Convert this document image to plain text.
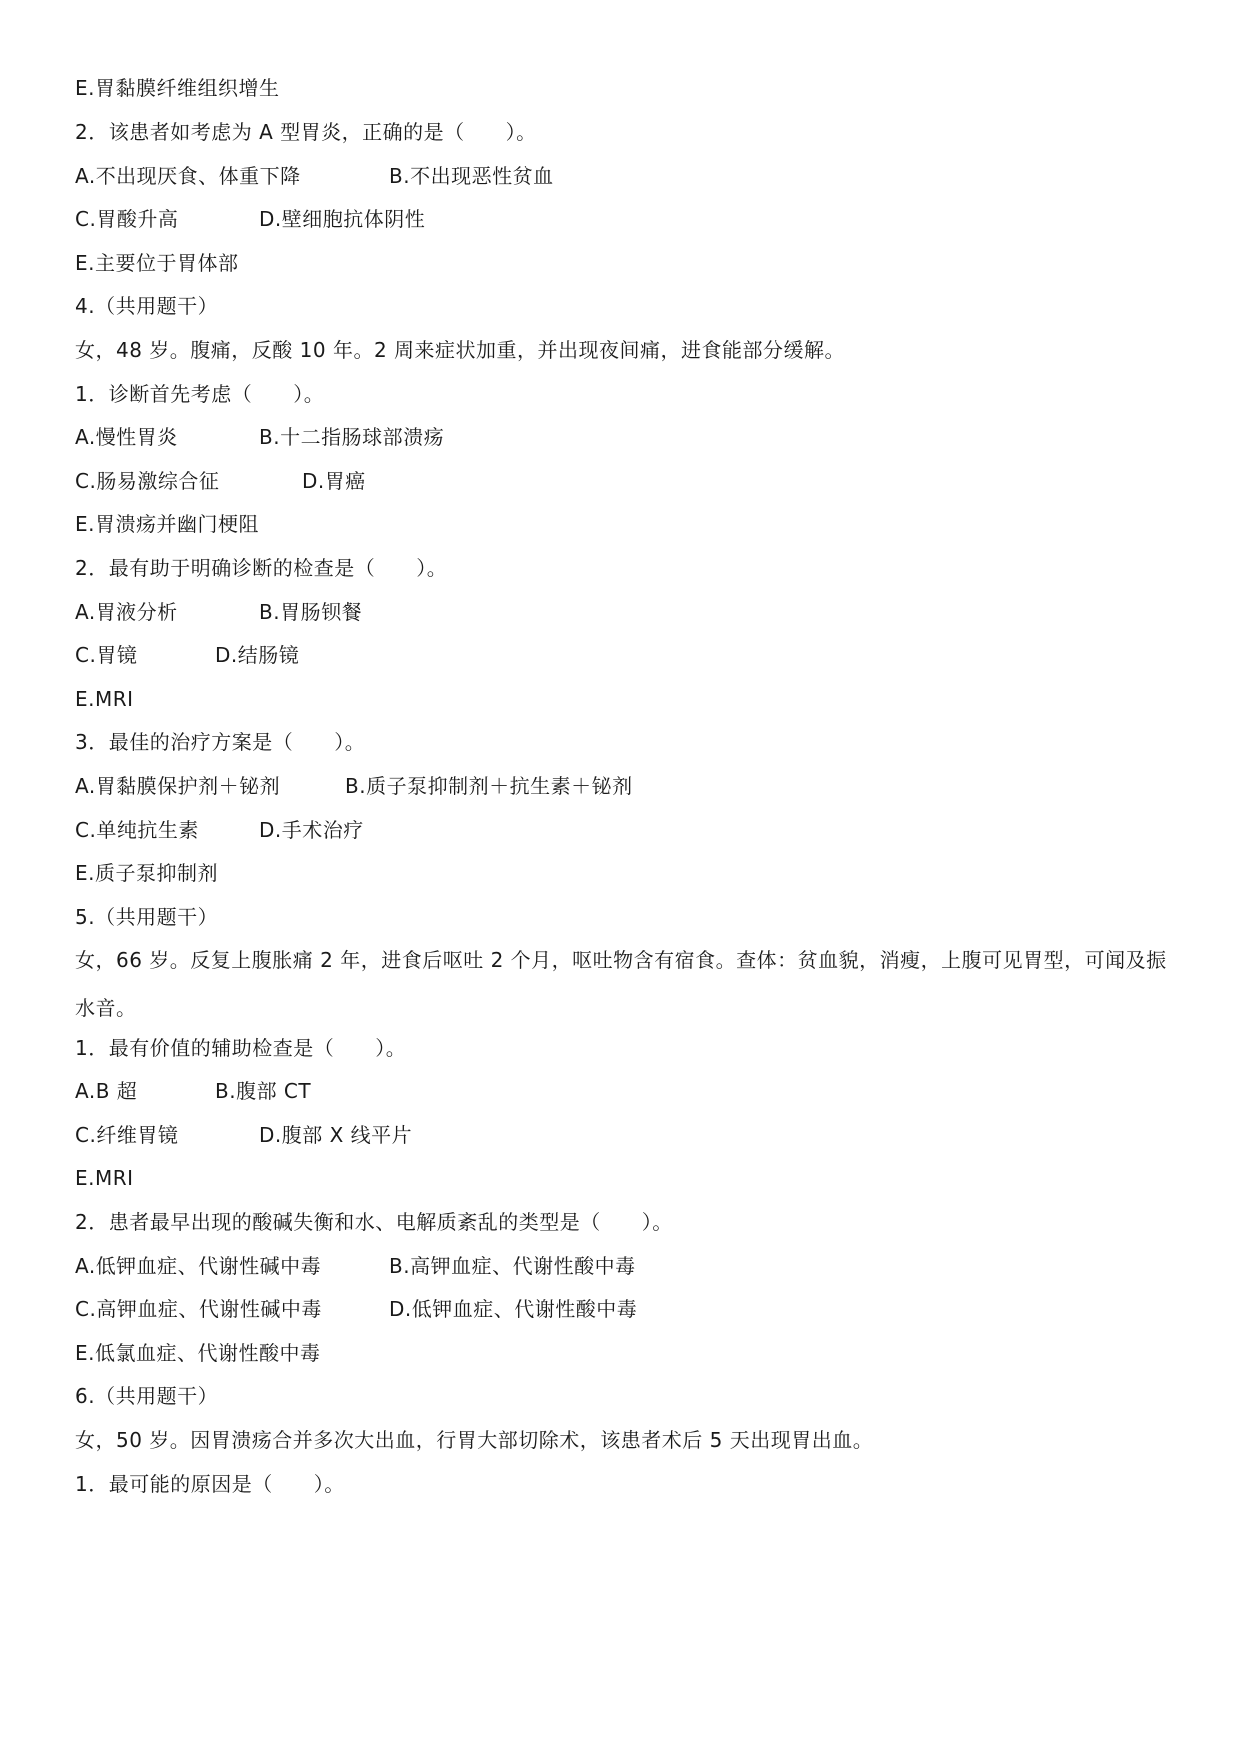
E.胃黏膜纤维组织增生
2．该患者如考虑为 A 型胃炎，正确的是（　　）。
A.不出现厌食、体重下降	B.不出现恶性贫血
C.胃酸升高	D.壁细胞抗体阴性
E.主要位于胃体部
4.（共用题干）
女，48 岁。腹痛，反酸 10 年。2 周来症状加重，并出现夜间痛，进食能部分缓解。
1．诊断首先考虑（　　）。
A.慢性胃炎	B.十二指肠球部溃疡
C.肠易激综合征	D.胃癌
E.胃溃疡并幽门梗阻
2．最有助于明确诊断的检查是（　　）。
A.胃液分析	B.胃肠钡餐
C.胃镜	D.结肠镜
E.MRI
3．最佳的治疗方案是（　　）。
A.胃黏膜保护剂＋铋剂	B.质子泵抑制剂＋抗生素＋铋剂
C.单纯抗生素	D.手术治疗
E.质子泵抑制剂
5.（共用题干）
女，66 岁。反复上腹胀痛 2 年，进食后呕吐 2 个月，呕吐物含有宿食。查体：贫血貌，消瘦，上腹可见胃型，可闻及振水音。
1．最有价值的辅助检查是（　　）。
A.B 超	B.腹部 CT
C.纤维胃镜	D.腹部 X 线平片
E.MRI
2．患者最早出现的酸碱失衡和水、电解质紊乱的类型是（　　）。
A.低钾血症、代谢性碱中毒	B.高钾血症、代谢性酸中毒
C.高钾血症、代谢性碱中毒	D.低钾血症、代谢性酸中毒
E.低氯血症、代谢性酸中毒
6.（共用题干）
女，50 岁。因胃溃疡合并多次大出血，行胃大部切除术，该患者术后 5 天出现胃出血。
1．最可能的原因是（　　）。
